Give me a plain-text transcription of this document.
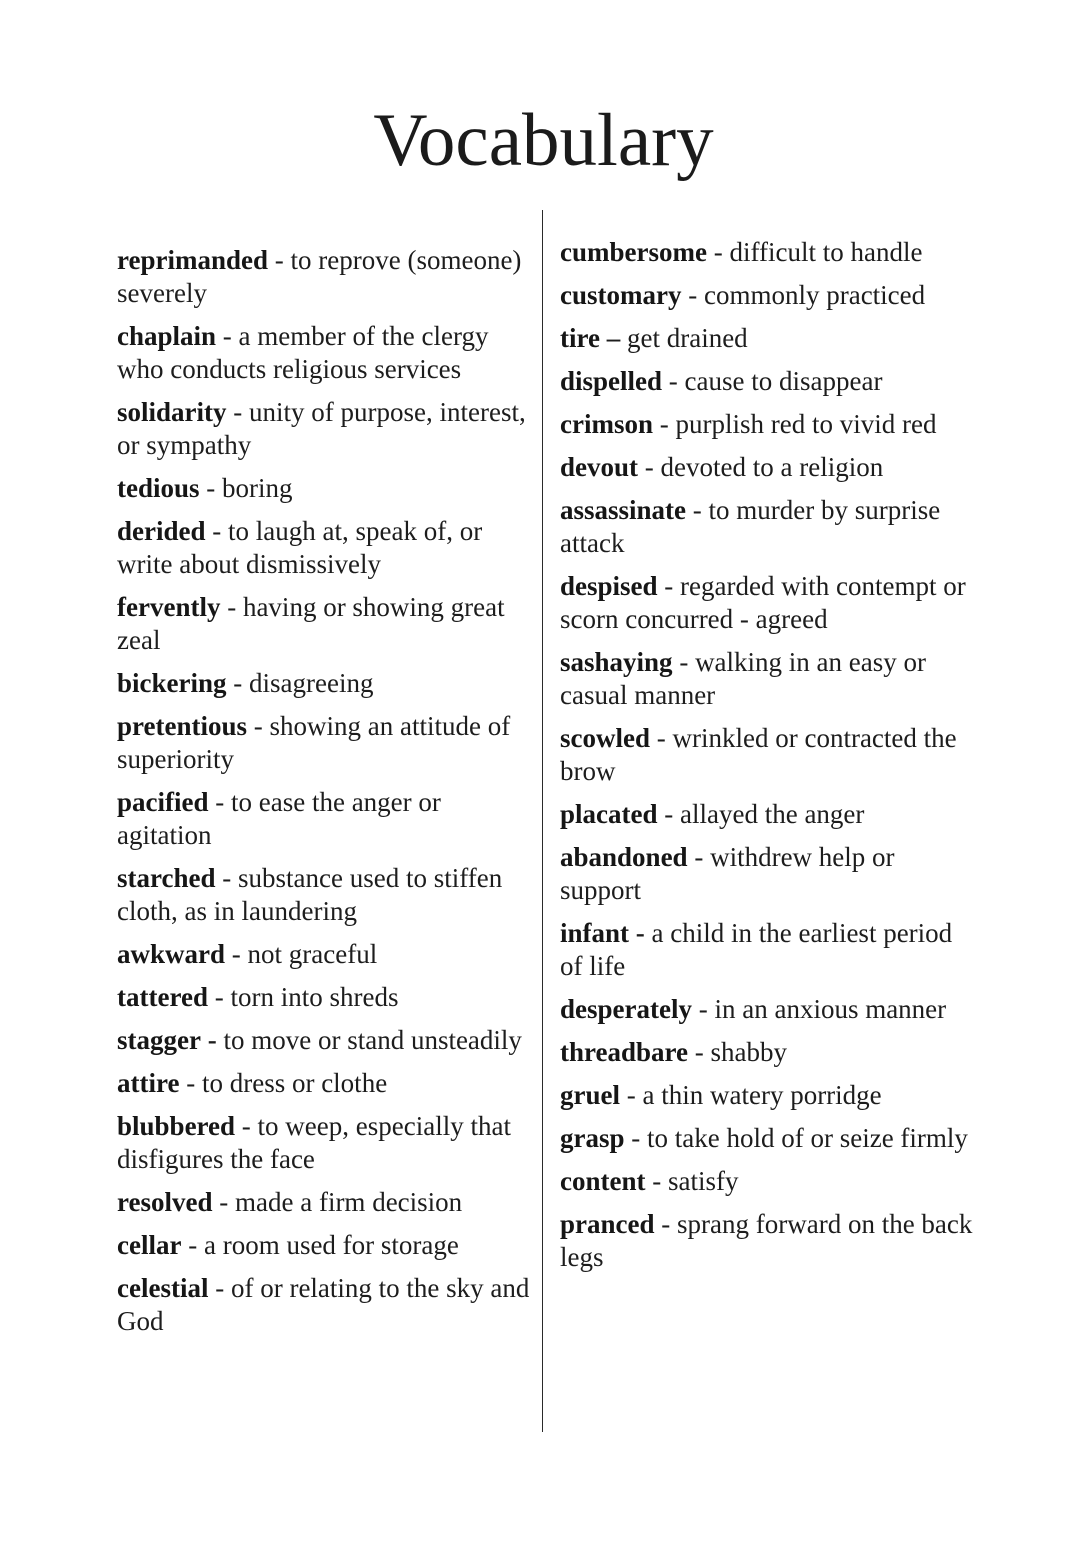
Vocabulary

reprimanded - to reprove (someone) severely

chaplain - a member of the clergy who conducts religious services

solidarity - unity of purpose, interest, or sympathy

tedious - boring

derided - to laugh at, speak of, or write about dismissively

fervently - having or showing great zeal

bickering - disagreeing

pretentious - showing an attitude of superiority

pacified - to ease the anger or agitation

starched - substance used to stiffen cloth, as in laundering

awkward - not graceful

tattered - torn into shreds

stagger - to move or stand unsteadily

attire - to dress or clothe

blubbered - to weep, especially that disfigures the face

resolved - made a firm decision

cellar - a room used for storage

celestial - of or relating to the sky and God

cumbersome - difficult to handle

customary - commonly practiced

tire – get drained

dispelled - cause to disappear

crimson - purplish red to vivid red

devout - devoted to a religion

assassinate - to murder by surprise attack

despised - regarded with contempt or scorn concurred - agreed

sashaying - walking in an easy or casual manner

scowled - wrinkled or contracted the brow

placated - allayed the anger

abandoned - withdrew help or support

infant - a child in the earliest period of life

desperately - in an anxious manner

threadbare - shabby

gruel - a thin watery porridge

grasp - to take hold of or seize firmly

content - satisfy

pranced - sprang forward on the back legs
